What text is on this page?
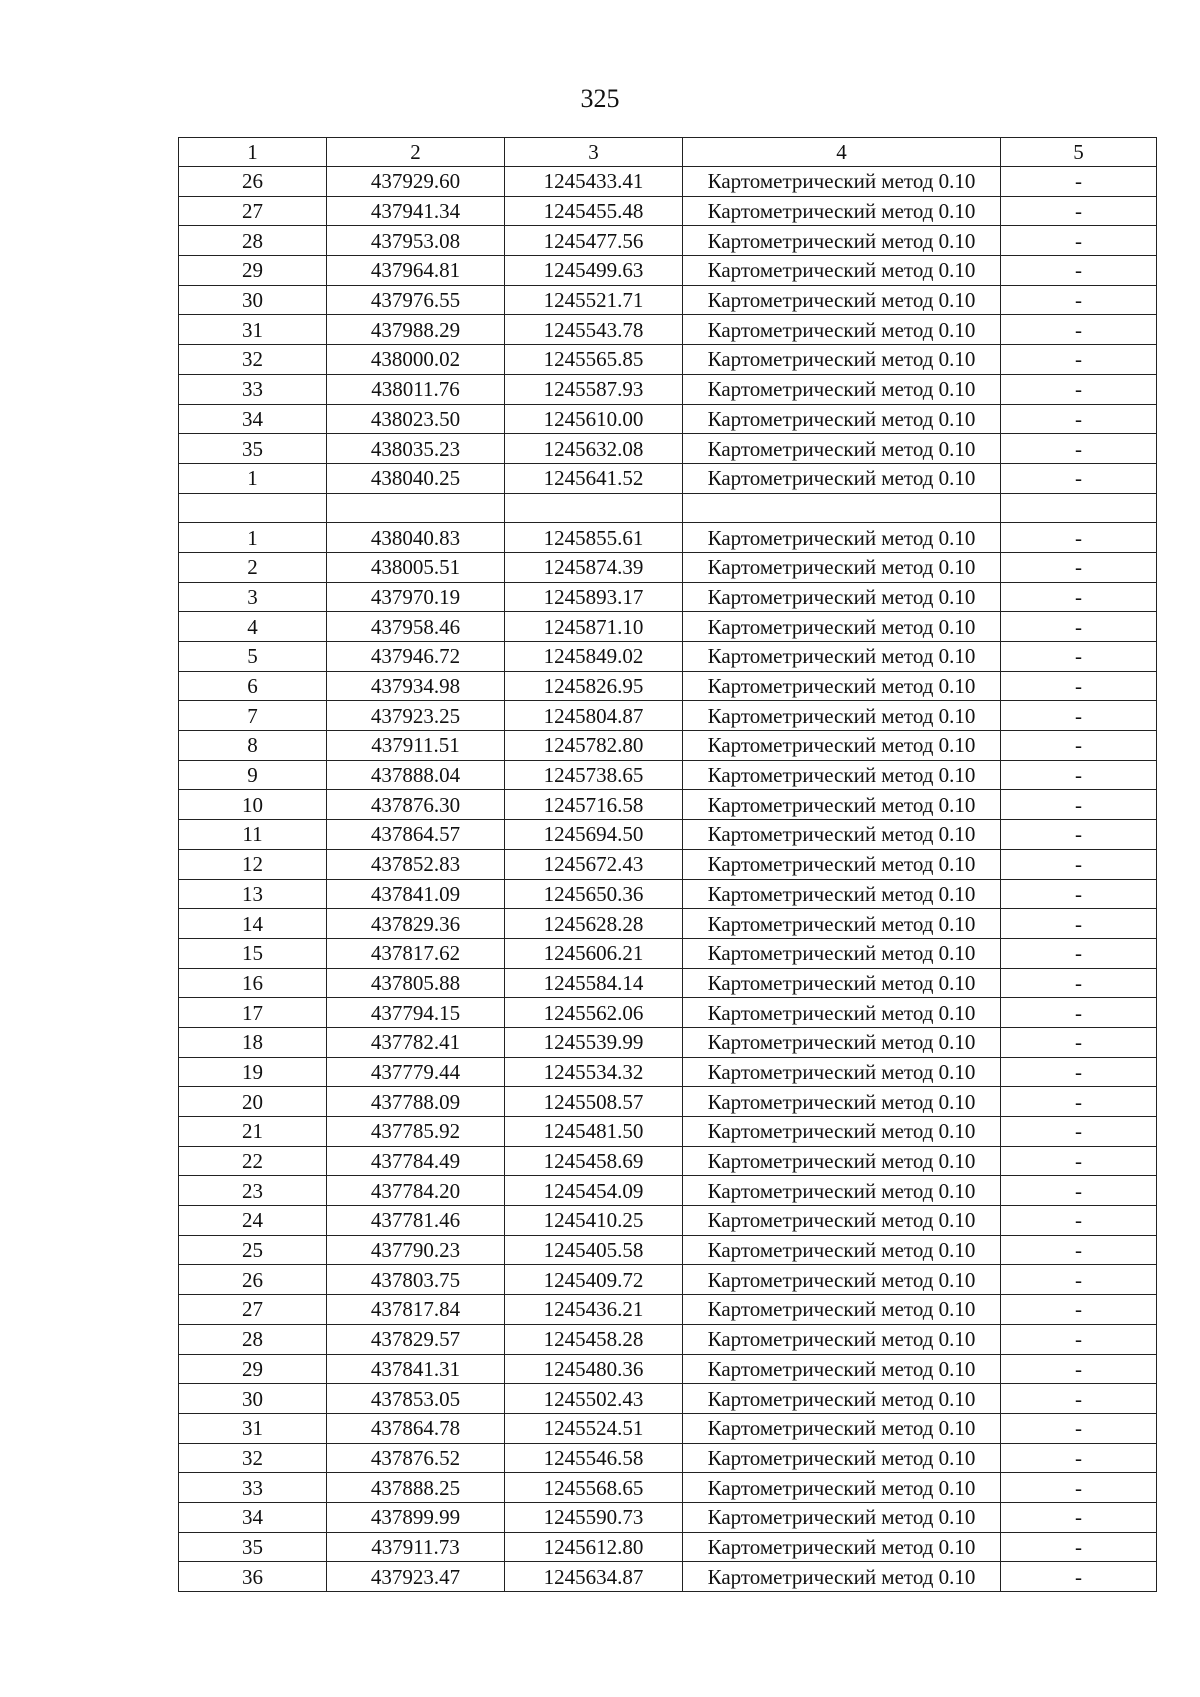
325
1	2	3	4	5
26	437929.60	1245433.41	Картометрический метод 0.10	-
27	437941.34	1245455.48	Картометрический метод 0.10	-
28	437953.08	1245477.56	Картометрический метод 0.10	-
29	437964.81	1245499.63	Картометрический метод 0.10	-
30	437976.55	1245521.71	Картометрический метод 0.10	-
31	437988.29	1245543.78	Картометрический метод 0.10	-
32	438000.02	1245565.85	Картометрический метод 0.10	-
33	438011.76	1245587.93	Картометрический метод 0.10	-
34	438023.50	1245610.00	Картометрический метод 0.10	-
35	438035.23	1245632.08	Картометрический метод 0.10	-
1	438040.25	1245641.52	Картометрический метод 0.10	-

1	438040.83	1245855.61	Картометрический метод 0.10	-
2	438005.51	1245874.39	Картометрический метод 0.10	-
3	437970.19	1245893.17	Картометрический метод 0.10	-
4	437958.46	1245871.10	Картометрический метод 0.10	-
5	437946.72	1245849.02	Картометрический метод 0.10	-
6	437934.98	1245826.95	Картометрический метод 0.10	-
7	437923.25	1245804.87	Картометрический метод 0.10	-
8	437911.51	1245782.80	Картометрический метод 0.10	-
9	437888.04	1245738.65	Картометрический метод 0.10	-
10	437876.30	1245716.58	Картометрический метод 0.10	-
11	437864.57	1245694.50	Картометрический метод 0.10	-
12	437852.83	1245672.43	Картометрический метод 0.10	-
13	437841.09	1245650.36	Картометрический метод 0.10	-
14	437829.36	1245628.28	Картометрический метод 0.10	-
15	437817.62	1245606.21	Картометрический метод 0.10	-
16	437805.88	1245584.14	Картометрический метод 0.10	-
17	437794.15	1245562.06	Картометрический метод 0.10	-
18	437782.41	1245539.99	Картометрический метод 0.10	-
19	437779.44	1245534.32	Картометрический метод 0.10	-
20	437788.09	1245508.57	Картометрический метод 0.10	-
21	437785.92	1245481.50	Картометрический метод 0.10	-
22	437784.49	1245458.69	Картометрический метод 0.10	-
23	437784.20	1245454.09	Картометрический метод 0.10	-
24	437781.46	1245410.25	Картометрический метод 0.10	-
25	437790.23	1245405.58	Картометрический метод 0.10	-
26	437803.75	1245409.72	Картометрический метод 0.10	-
27	437817.84	1245436.21	Картометрический метод 0.10	-
28	437829.57	1245458.28	Картометрический метод 0.10	-
29	437841.31	1245480.36	Картометрический метод 0.10	-
30	437853.05	1245502.43	Картометрический метод 0.10	-
31	437864.78	1245524.51	Картометрический метод 0.10	-
32	437876.52	1245546.58	Картометрический метод 0.10	-
33	437888.25	1245568.65	Картометрический метод 0.10	-
34	437899.99	1245590.73	Картометрический метод 0.10	-
35	437911.73	1245612.80	Картометрический метод 0.10	-
36	437923.47	1245634.87	Картометрический метод 0.10	-
